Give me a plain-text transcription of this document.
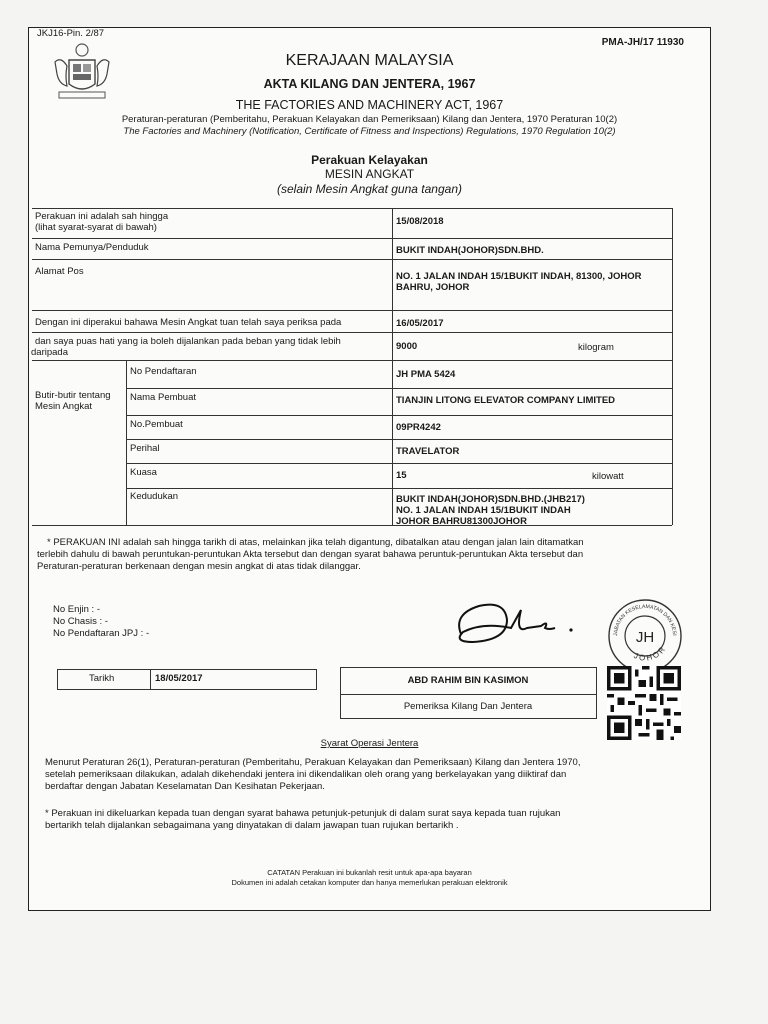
JKJ16-Pin. 2/87
PMA-JH/17 11930
KERAJAAN MALAYSIA
AKTA KILANG DAN JENTERA, 1967
THE FACTORIES AND MACHINERY ACT, 1967
Peraturan-peraturan (Pemberitahu, Perakuan Kelayakan dan Pemeriksaan) Kilang dan Jentera, 1970 Peraturan 10(2)
The Factories and Machinery (Notification, Certificate of Fitness and Inspections) Regulations, 1970 Regulation 10(2)
Perakuan Kelayakan
MESIN ANGKAT
(selain Mesin Angkat guna tangan)
Perakuan ini adalah sah hingga
(lihat syarat-syarat di bawah)
15/08/2018
Nama Pemunya/Penduduk	BUKIT INDAH(JOHOR)SDN.BHD.
Alamat Pos	NO. 1 JALAN INDAH 15/1BUKIT INDAH, 81300, JOHOR
BAHRU, JOHOR
Dengan ini diperakui bahawa Mesin Angkat tuan telah saya periksa pada	16/05/2017
dan saya puas hati yang ia boleh dijalankan pada beban yang tidak lebih
daripada
9000	kilogram
Butir-butir tentang
Mesin Angkat
No Pendaftaran	JH PMA 5424
Nama Pembuat	TIANJIN LITONG ELEVATOR COMPANY LIMITED
No.Pembuat	09PR4242
Perihal	TRAVELATOR
Kuasa	15	kilowatt
Kedudukan	BUKIT INDAH(JOHOR)SDN.BHD.(JHB217)
NO. 1 JALAN INDAH 15/1BUKIT INDAH
JOHOR BAHRU81300JOHOR
* PERAKUAN INI adalah sah hingga tarikh di atas, melainkan jika telah digantung, dibatalkan atau dengan jalan lain ditamatkan
terlebih dahulu di bawah peruntukan-peruntukan Akta tersebut dan dengan syarat bahawa peruntuk-peruntukan Akta tersebut dan
Peraturan-peraturan berkenaan dengan mesin angkat di atas tidak dilanggar.
No Enjin : -
No Chasis : -
No Pendaftaran JPJ : -	JH
JABATAN KESELAMATAN DAN KESI
JOHOR
Tarikh	18/05/2017	ABD RAHIM BIN KASIMON
Pemeriksa Kilang Dan Jentera
Syarat Operasi Jentera
Menurut Peraturan 26(1), Peraturan-peraturan (Pemberitahu, Perakuan Kelayakan dan Pemeriksaan) Kilang dan Jentera 1970,
setelah pemeriksaan dilakukan, adalah dikehendaki jentera ini dikendalikan oleh orang yang berkelayakan yang diiktiraf dan
berdaftar dengan Jabatan Keselamatan Dan Kesihatan Pekerjaan.
* Perakuan ini dikeluarkan kepada tuan dengan syarat bahawa petunjuk-petunjuk di dalam surat saya kepada tuan rujukan
bertarikh telah dijalankan sebagaimana yang dinyatakan di dalam jawapan tuan rujukan bertarikh .
CATATAN Perakuan ini bukanlah resit untuk apa-apa bayaran
Dokumen ini adalah cetakan komputer dan hanya memerlukan perakuan elektronik
